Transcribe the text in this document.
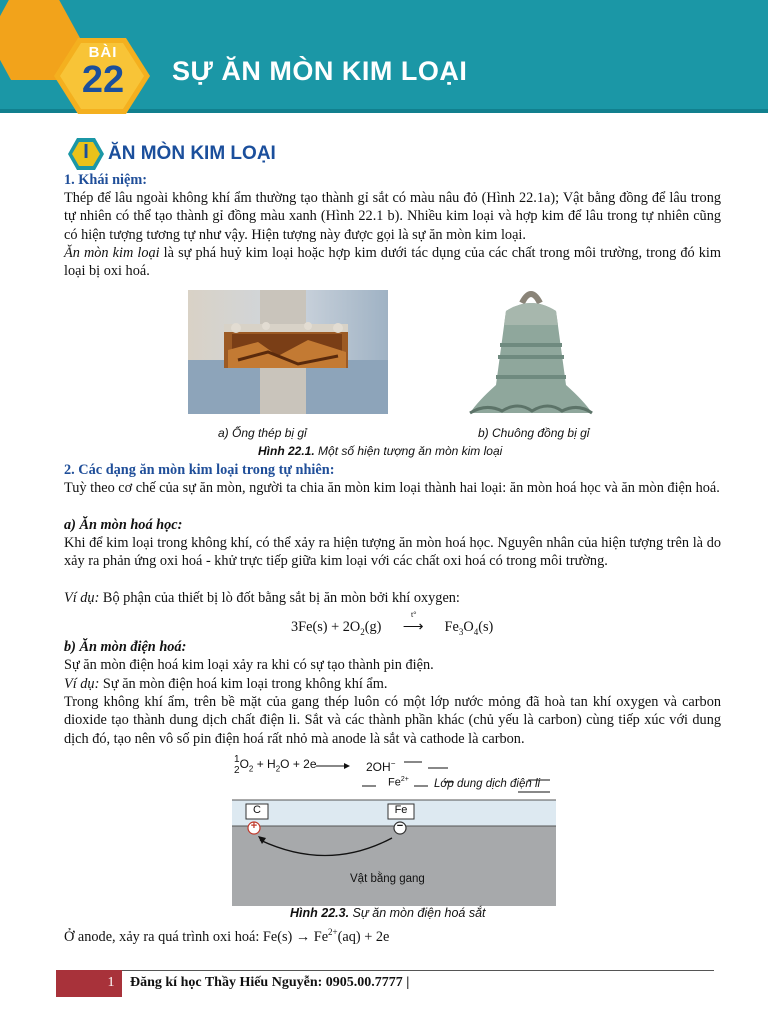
BÀI
22	SỰ ĂN MÒN KIM LOẠI
I	ĂN MÒN KIM LOẠI
1. Khái niệm:

Thép để lâu ngoài không khí ẩm thường tạo thành gỉ sắt có màu nâu đỏ (Hình 22.1a); Vật bằng đồng để lâu trong tự nhiên có thể tạo thành gỉ đồng màu xanh (Hình 22.1 b). Nhiều kim loại và hợp kim để lâu trong tự nhiên cũng có hiện tượng tương tự như vậy. Hiện tượng này được gọi là sự ăn mòn kim loại.

Ăn mòn kim loại là sự phá huỷ kim loại hoặc hợp kim dưới tác dụng của các chất trong môi trường, trong đó kim loại bị oxi hoá.

a) Ống thép bị gỉ	b) Chuông đồng bị gỉ
Hình 22.1. Một số hiện tượng ăn mòn kim loại
2. Các dạng ăn mòn kim loại trong tự nhiên:

Tuỳ theo cơ chế của sự ăn mòn, người ta chia ăn mòn kim loại thành hai loại: ăn mòn hoá học và ăn mòn điện hoá.

a) Ăn mòn hoá học:

Khi để kim loại trong không khí, có thể xảy ra hiện tượng ăn mòn hoá học. Nguyên nhân của hiện tượng trên là do xảy ra phản ứng oxi hoá - khử trực tiếp giữa kim loại với các chất oxi hoá có trong môi trường.

Ví dụ: Bộ phận của thiết bị lò đốt bằng sắt bị ăn mòn bởi khí oxygen:

$3Fe(s) + 2O_2(g)$
t°
⟶ $Fe_3O_4(s)$
b) Ăn mòn điện hoá:

Sự ăn mòn điện hoá kim loại xảy ra khi có sự tạo thành pin điện.

Ví dụ: Sự ăn mòn điện hoá kim loại trong không khí ẩm.

Trong không khí ẩm, trên bề mặt của gang thép luôn có một lớp nước mỏng đã hoà tan khí oxygen và carbon dioxide tạo thành dung dịch chất điện li. Sắt và các thành phần khác (chủ yếu là carbon) cùng tiếp xúc với dung dịch đó, tạo nên vô số pin điện hoá rất nhỏ mà anode là sắt và cathode là carbon.

1
$2O_2 + H_2O + 2e$	2OH−
$Fe^{2+}$ Lớp dung dịch điện li
C	Fe
+	−
Vật bằng gang
Hình 22.3. Sự ăn mòn điện hoá sắt

Ở anode, xảy ra quá trình oxi hoá: $Fe(s) \to Fe^{2+}(aq) + 2e$

1	Đăng kí học Thầy Hiếu Nguyễn: 0905.00.7777 |
